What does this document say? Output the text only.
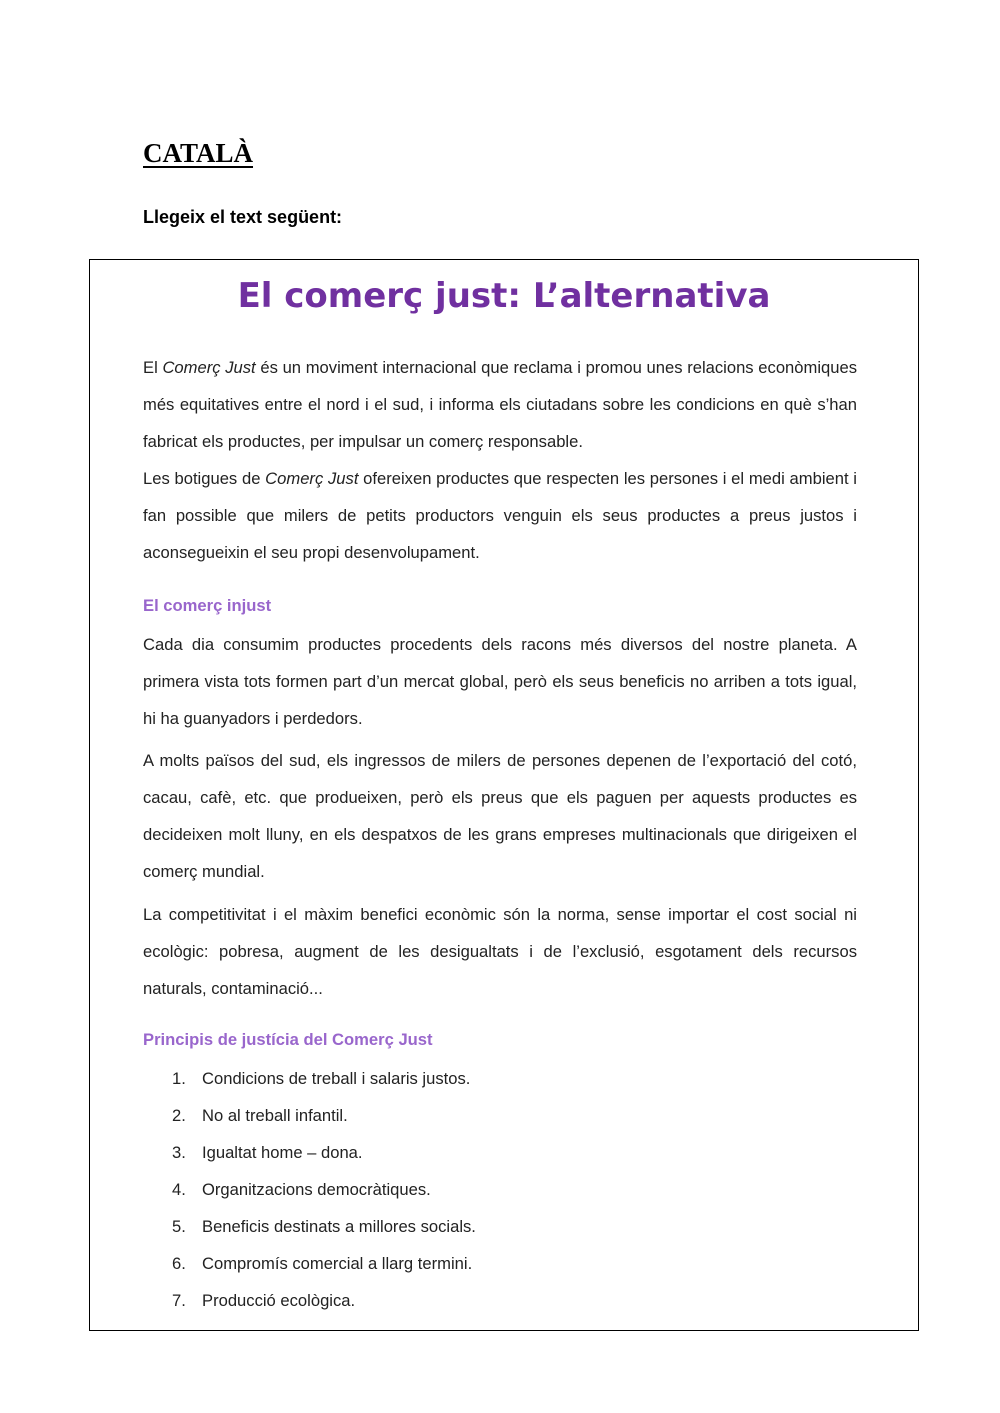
CATALÀ

Llegeix el text següent:

El comerç just: L’alternativa

El Comerç Just és un moviment internacional que reclama i promou unes relacions econòmiques més equitatives entre el nord i el sud, i informa els ciutadans sobre les condicions en què s’han fabricat els productes, per impulsar un comerç responsable.

Les botigues de Comerç Just ofereixen productes que respecten les persones i el medi ambient i fan possible que milers de petits productors venguin els seus productes a preus justos i aconsegueixin el seu propi desenvolupament.

El comerç injust

Cada dia consumim productes procedents dels racons més diversos del nostre planeta. A primera vista tots formen part d’un mercat global, però els seus beneficis no arriben a tots igual, hi ha guanyadors i perdedors.

A molts països del sud, els ingressos de milers de persones depenen de l’exportació del cotó, cacau, cafè, etc. que produeixen, però els preus que els paguen per aquests productes es decideixen molt lluny, en els despatxos de les grans empreses multinacionals que dirigeixen el comerç mundial.

La competitivitat i el màxim benefici econòmic són la norma, sense importar el cost social ni ecològic: pobresa, augment de les desigualtats i de l’exclusió, esgotament dels recursos naturals, contaminació...

Principis de justícia del Comerç Just
1. Condicions de treball i salaris justos.
2. No al treball infantil.
3. Igualtat home – dona.
4. Organitzacions democràtiques.
5. Beneficis destinats a millores socials.
6. Compromís comercial a llarg termini.
7. Producció ecològica.
